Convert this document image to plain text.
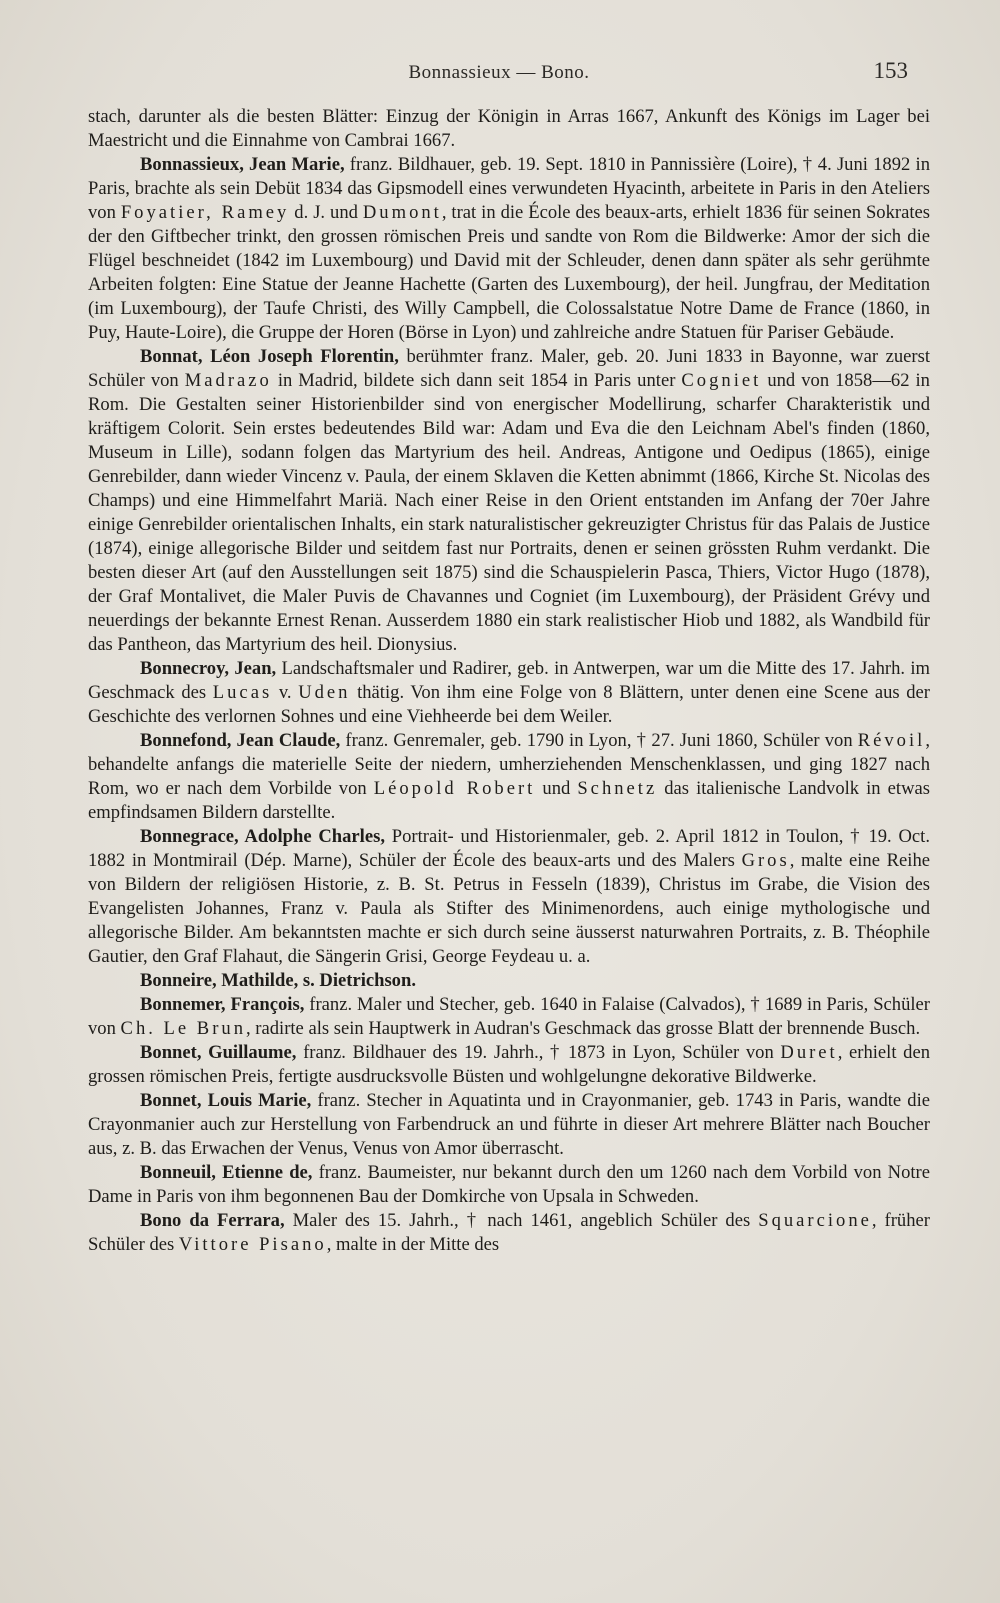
Bonnassieux — Bono.	153

stach, darunter als die besten Blätter: Einzug der Königin in Arras 1667, Ankunft des Königs im Lager bei Maestricht und die Einnahme von Cambrai 1667.

Bonnassieux, Jean Marie, franz. Bildhauer, geb. 19. Sept. 1810 in Pannissière (Loire), † 4. Juni 1892 in Paris, brachte als sein Debüt 1834 das Gipsmodell eines verwundeten Hyacinth, arbeitete in Paris in den Ateliers von Foyatier, Ramey d. J. und Dumont, trat in die École des beaux-arts, erhielt 1836 für seinen Sokrates der den Giftbecher trinkt, den grossen römischen Preis und sandte von Rom die Bildwerke: Amor der sich die Flügel beschneidet (1842 im Luxembourg) und David mit der Schleuder, denen dann später als sehr gerühmte Arbeiten folgten: Eine Statue der Jeanne Hachette (Garten des Luxembourg), der heil. Jungfrau, der Meditation (im Luxembourg), der Taufe Christi, des Willy Campbell, die Colossalstatue Notre Dame de France (1860, in Puy, Haute-Loire), die Gruppe der Horen (Börse in Lyon) und zahlreiche andre Statuen für Pariser Gebäude.

Bonnat, Léon Joseph Florentin, berühmter franz. Maler, geb. 20. Juni 1833 in Bayonne, war zuerst Schüler von Madrazo in Madrid, bildete sich dann seit 1854 in Paris unter Cogniet und von 1858—62 in Rom. Die Gestalten seiner Historienbilder sind von energischer Modellirung, scharfer Charakteristik und kräftigem Colorit. Sein erstes bedeutendes Bild war: Adam und Eva die den Leichnam Abel's finden (1860, Museum in Lille), sodann folgen das Martyrium des heil. Andreas, Antigone und Oedipus (1865), einige Genrebilder, dann wieder Vincenz v. Paula, der einem Sklaven die Ketten abnimmt (1866, Kirche St. Nicolas des Champs) und eine Himmelfahrt Mariä. Nach einer Reise in den Orient entstanden im Anfang der 70er Jahre einige Genrebilder orientalischen Inhalts, ein stark naturalistischer gekreuzigter Christus für das Palais de Justice (1874), einige allegorische Bilder und seitdem fast nur Portraits, denen er seinen grössten Ruhm verdankt. Die besten dieser Art (auf den Ausstellungen seit 1875) sind die Schauspielerin Pasca, Thiers, Victor Hugo (1878), der Graf Montalivet, die Maler Puvis de Chavannes und Cogniet (im Luxembourg), der Präsident Grévy und neuerdings der bekannte Ernest Renan. Ausserdem 1880 ein stark realistischer Hiob und 1882, als Wandbild für das Pantheon, das Martyrium des heil. Dionysius.

Bonnecroy, Jean, Landschaftsmaler und Radirer, geb. in Antwerpen, war um die Mitte des 17. Jahrh. im Geschmack des Lucas v. Uden thätig. Von ihm eine Folge von 8 Blättern, unter denen eine Scene aus der Geschichte des verlornen Sohnes und eine Viehheerde bei dem Weiler.

Bonnefond, Jean Claude, franz. Genremaler, geb. 1790 in Lyon, † 27. Juni 1860, Schüler von Révoil, behandelte anfangs die materielle Seite der niedern, umherziehenden Menschenklassen, und ging 1827 nach Rom, wo er nach dem Vorbilde von Léopold Robert und Schnetz das italienische Landvolk in etwas empfindsamen Bildern darstellte.

Bonnegrace, Adolphe Charles, Portrait- und Historienmaler, geb. 2. April 1812 in Toulon, † 19. Oct. 1882 in Montmirail (Dép. Marne), Schüler der École des beaux-arts und des Malers Gros, malte eine Reihe von Bildern der religiösen Historie, z. B. St. Petrus in Fesseln (1839), Christus im Grabe, die Vision des Evangelisten Johannes, Franz v. Paula als Stifter des Minimenordens, auch einige mythologische und allegorische Bilder. Am bekanntsten machte er sich durch seine äusserst naturwahren Portraits, z. B. Théophile Gautier, den Graf Flahaut, die Sängerin Grisi, George Feydeau u. a.

Bonneire, Mathilde, s. Dietrichson.

Bonnemer, François, franz. Maler und Stecher, geb. 1640 in Falaise (Calvados), † 1689 in Paris, Schüler von Ch. Le Brun, radirte als sein Hauptwerk in Audran's Geschmack das grosse Blatt der brennende Busch.

Bonnet, Guillaume, franz. Bildhauer des 19. Jahrh., † 1873 in Lyon, Schüler von Duret, erhielt den grossen römischen Preis, fertigte ausdrucksvolle Büsten und wohlgelungne dekorative Bildwerke.

Bonnet, Louis Marie, franz. Stecher in Aquatinta und in Crayonmanier, geb. 1743 in Paris, wandte die Crayonmanier auch zur Herstellung von Farbendruck an und führte in dieser Art mehrere Blätter nach Boucher aus, z. B. das Erwachen der Venus, Venus von Amor überrascht.

Bonneuil, Etienne de, franz. Baumeister, nur bekannt durch den um 1260 nach dem Vorbild von Notre Dame in Paris von ihm begonnenen Bau der Domkirche von Upsala in Schweden.

Bono da Ferrara, Maler des 15. Jahrh., † nach 1461, angeblich Schüler des Squarcione, früher Schüler des Vittore Pisano, malte in der Mitte des
